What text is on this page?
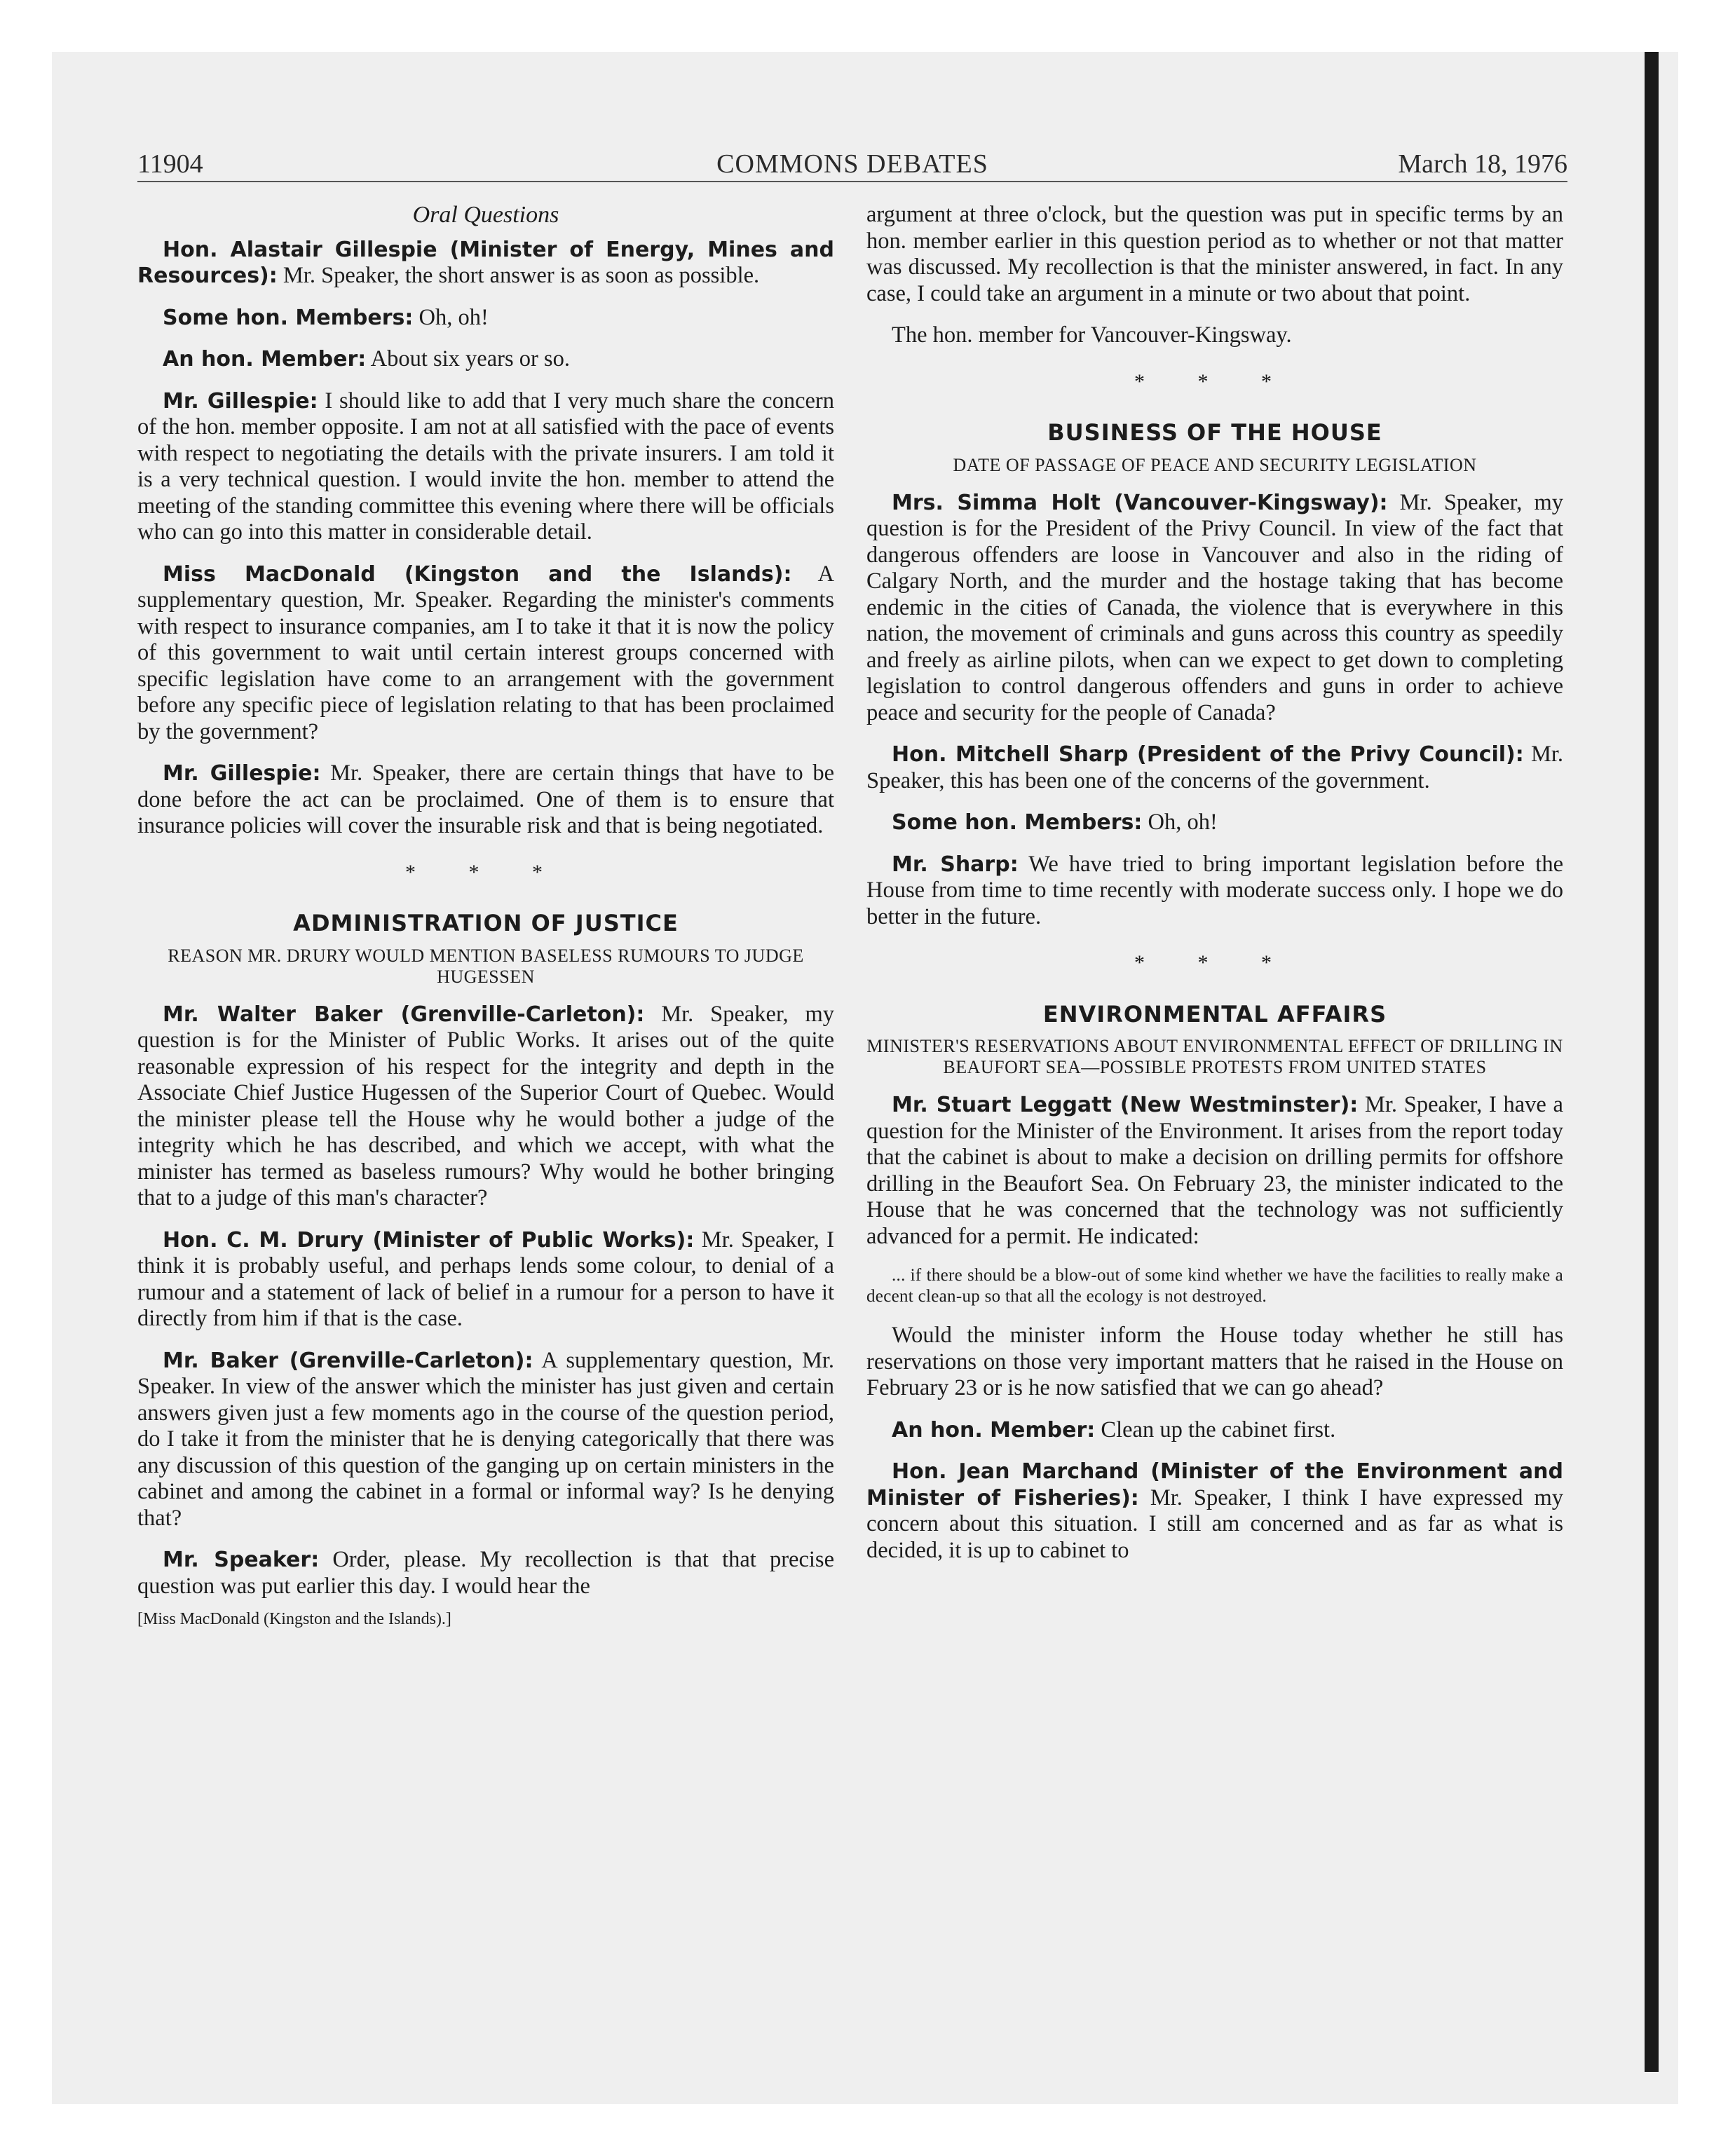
11904	COMMONS DEBATES	March 18, 1976
Oral Questions

Hon. Alastair Gillespie (Minister of Energy, Mines and Resources): Mr. Speaker, the short answer is as soon as possible.

Some hon. Members: Oh, oh!

An hon. Member: About six years or so.

Mr. Gillespie: I should like to add that I very much share the concern of the hon. member opposite. I am not at all satisfied with the pace of events with respect to negotiating the details with the private insurers. I am told it is a very technical question. I would invite the hon. member to attend the meeting of the standing committee this evening where there will be officials who can go into this matter in considerable detail.

Miss MacDonald (Kingston and the Islands): A supplementary question, Mr. Speaker. Regarding the minister's comments with respect to insurance companies, am I to take it that it is now the policy of this government to wait until certain interest groups concerned with specific legislation have come to an arrangement with the government before any specific piece of legislation relating to that has been proclaimed by the government?

Mr. Gillespie: Mr. Speaker, there are certain things that have to be done before the act can be proclaimed. One of them is to ensure that insurance policies will cover the insurable risk and that is being negotiated.

* * *
ADMINISTRATION OF JUSTICE
REASON MR. DRURY WOULD MENTION BASELESS RUMOURS TO JUDGE HUGESSEN

Mr. Walter Baker (Grenville-Carleton): Mr. Speaker, my question is for the Minister of Public Works. It arises out of the quite reasonable expression of his respect for the integrity and depth in the Associate Chief Justice Hugessen of the Superior Court of Quebec. Would the minister please tell the House why he would bother a judge of the integrity which he has described, and which we accept, with what the minister has termed as baseless rumours? Why would he bother bringing that to a judge of this man's character?

Hon. C. M. Drury (Minister of Public Works): Mr. Speaker, I think it is probably useful, and perhaps lends some colour, to denial of a rumour and a statement of lack of belief in a rumour for a person to have it directly from him if that is the case.

Mr. Baker (Grenville-Carleton): A supplementary question, Mr. Speaker. In view of the answer which the minister has just given and certain answers given just a few moments ago in the course of the question period, do I take it from the minister that he is denying categorically that there was any discussion of this question of the ganging up on certain ministers in the cabinet and among the cabinet in a formal or informal way? Is he denying that?

Mr. Speaker: Order, please. My recollection is that that precise question was put earlier this day. I would hear the

[Miss MacDonald (Kingston and the Islands).]

argument at three o'clock, but the question was put in specific terms by an hon. member earlier in this question period as to whether or not that matter was discussed. My recollection is that the minister answered, in fact. In any case, I could take an argument in a minute or two about that point.

The hon. member for Vancouver-Kingsway.

* * *
BUSINESS OF THE HOUSE
DATE OF PASSAGE OF PEACE AND SECURITY LEGISLATION

Mrs. Simma Holt (Vancouver-Kingsway): Mr. Speaker, my question is for the President of the Privy Council. In view of the fact that dangerous offenders are loose in Vancouver and also in the riding of Calgary North, and the murder and the hostage taking that has become endemic in the cities of Canada, the violence that is everywhere in this nation, the movement of criminals and guns across this country as speedily and freely as airline pilots, when can we expect to get down to completing legislation to control dangerous offenders and guns in order to achieve peace and security for the people of Canada?

Hon. Mitchell Sharp (President of the Privy Council): Mr. Speaker, this has been one of the concerns of the government.

Some hon. Members: Oh, oh!

Mr. Sharp: We have tried to bring important legislation before the House from time to time recently with moderate success only. I hope we do better in the future.

* * *
ENVIRONMENTAL AFFAIRS
MINISTER'S RESERVATIONS ABOUT ENVIRONMENTAL EFFECT OF DRILLING IN BEAUFORT SEA—POSSIBLE PROTESTS FROM UNITED STATES

Mr. Stuart Leggatt (New Westminster): Mr. Speaker, I have a question for the Minister of the Environment. It arises from the report today that the cabinet is about to make a decision on drilling permits for offshore drilling in the Beaufort Sea. On February 23, the minister indicated to the House that he was concerned that the technology was not sufficiently advanced for a permit. He indicated:

... if there should be a blow-out of some kind whether we have the facilities to really make a decent clean-up so that all the ecology is not destroyed.

Would the minister inform the House today whether he still has reservations on those very important matters that he raised in the House on February 23 or is he now satisfied that we can go ahead?

An hon. Member: Clean up the cabinet first.

Hon. Jean Marchand (Minister of the Environment and Minister of Fisheries): Mr. Speaker, I think I have expressed my concern about this situation. I still am concerned and as far as what is decided, it is up to cabinet to
